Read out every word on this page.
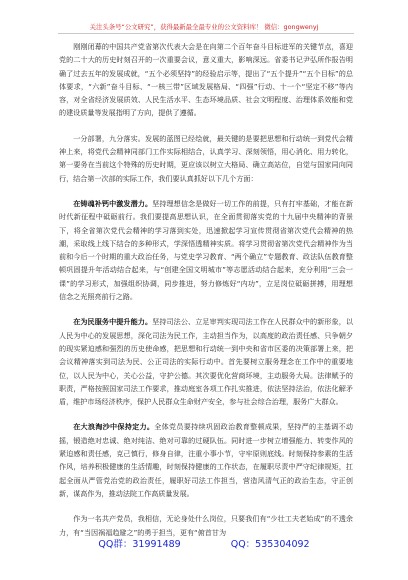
关注头条号“公文研究”，获得最新最全最专业的公文资料库！ 微信：gongwenyj

刚刚闭幕的中国共产党省第次代表大会是在向第二个百年奋斗目标进军的关键节点，喜迎党的二十大的历史时刻召开的一次重要会议，意义重大，影响深远。省委书记尹弘所作报告明确了过去五年的发展成就，“五个必须坚持”的经验启示等，提出了“五个提升”“五个目标”的总体要求，“六新”奋斗目标、“一核三带”区域发展格局、“四强”行动、十一个“坚定不移”等内容，对全省经济发展质效、人民生活水平、生态环境品质、社会文明程度、治理体系效能和党的建设质量等发展指明了方向，提供了遵循。

一分部署，九分落实。发展的蓝图已经绘就，最关键的是要把思想和行动统一到党代会精神上来，将党代会精神同部门工作实际相结合，认真学习、深刻领悟，用心消化、用力转化，第一要务在当前这个特殊的历史时期，更应该以树立大格局、确立高站位，自觉与国家同向同行，结合第一次部的实际工作，我们要认真抓好以下几个方面：

在铸魂补钙中激发潜力。坚持理想信念是做好一切工作的前提，只有打牢基础，才能在新时代新征程中砥砺前行。我们要提高思想认识，在全面贯彻落实党的十九届中央精神的背景下，将全省第次党代会精神的学习落到实处，迅速掀起学习宣传贯彻省第次党代会精神的热潮，采取线上线下结合的多种形式，学深悟透精神实质。将学习贯彻省第次党代会精神作为当前和今后一个时期的重大政治任务，与党史学习教育、“两个确立”专题教育、政法队伍教育整顿巩固提升年活动结合起来，与“创建全国文明城市”等志愿活动结合起来，充分利用“三会一课”的学习形式，加强组织协调，同步推进，努力修炼好“内功”，立足岗位砥砺拼搏，用理想信念之光照亮前行之路。

在为民服务中提升能力。坚持司法公、立足审判实现司法工作在人民群众中的新形象，以人民为中心的发展思想，深化司法为民工作，主动担当作为，以高度的政治责任感、只争朝夕的现实紧迫感和强烈的历史使命感，把思想和行动统一到中央和省市区委的决策部署上来，把会议精神落实到司法为民、公正司法的实际行动中。首先要树立服务理念在工作中的重要地位，以人民为中心，关心公益，守护公德。其次要优化营商环境，主动服务大局。法律赋予的职责，严格按照国家司法工作要求，推动庭室各项工作扎实推进，依法坚持法治，依法化解矛盾，维护市场经济秩序，保护人民群众生命财产安全，参与社会综合治理，服务广大群众。

在大浪淘沙中保持定力。全体党员要持续巩固政治教育整顿成果，坚持严的主基调不动摇，锻造绝对忠诚、绝对纯洁、绝对可靠的过硬队伍。同时进一步树立增强能力、转变作风的紧迫感和责任感，克己慎行，修身自律，注重小事小节，守牢原则底线。时刻保持参素的生活作风，培养积极健康的生活情趣，时刻保持健康的工作状态，在履职尽责中严守纪律规矩，扛起全面从严管党治党的政治责任，履职好司法工作担当，营造风清气正的政治生态，守正创新，谋高作为，推动法院工作高质量发展。

作为一名共产党员，我相信，无论身处什么岗位，只要我们有“少壮工夫老始成”的不透余力，有“当因祸福趋避之”的勇于担当，更有“俯首甘为

QQ群：31991489	QQ：535304092
